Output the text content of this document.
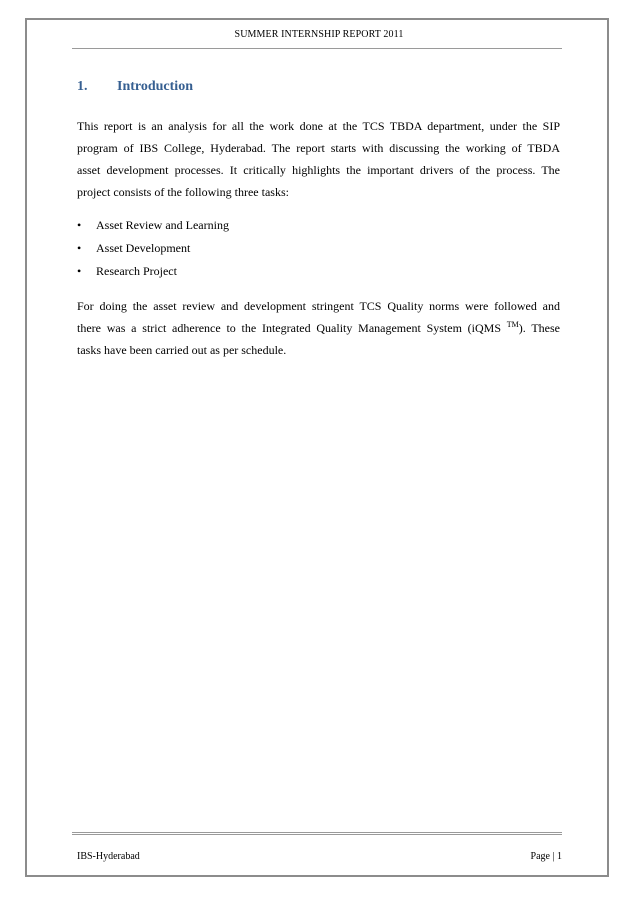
SUMMER INTERNSHIP REPORT 2011
1. Introduction

This report is an analysis for all the work done at the TCS TBDA department, under the SIP
program of IBS College, Hyderabad. The report starts with discussing the working of TBDA
asset development processes. It critically highlights the important drivers of the process. The
project consists of the following three tasks:

• Asset Review and Learning
• Asset Development
• Research Project

For doing the asset review and development stringent TCS Quality norms were followed and
there was a strict adherence to the Integrated Quality Management System (iQMS ™). These
tasks have been carried out as per schedule.

IBS-Hyderabad	Page | 1
